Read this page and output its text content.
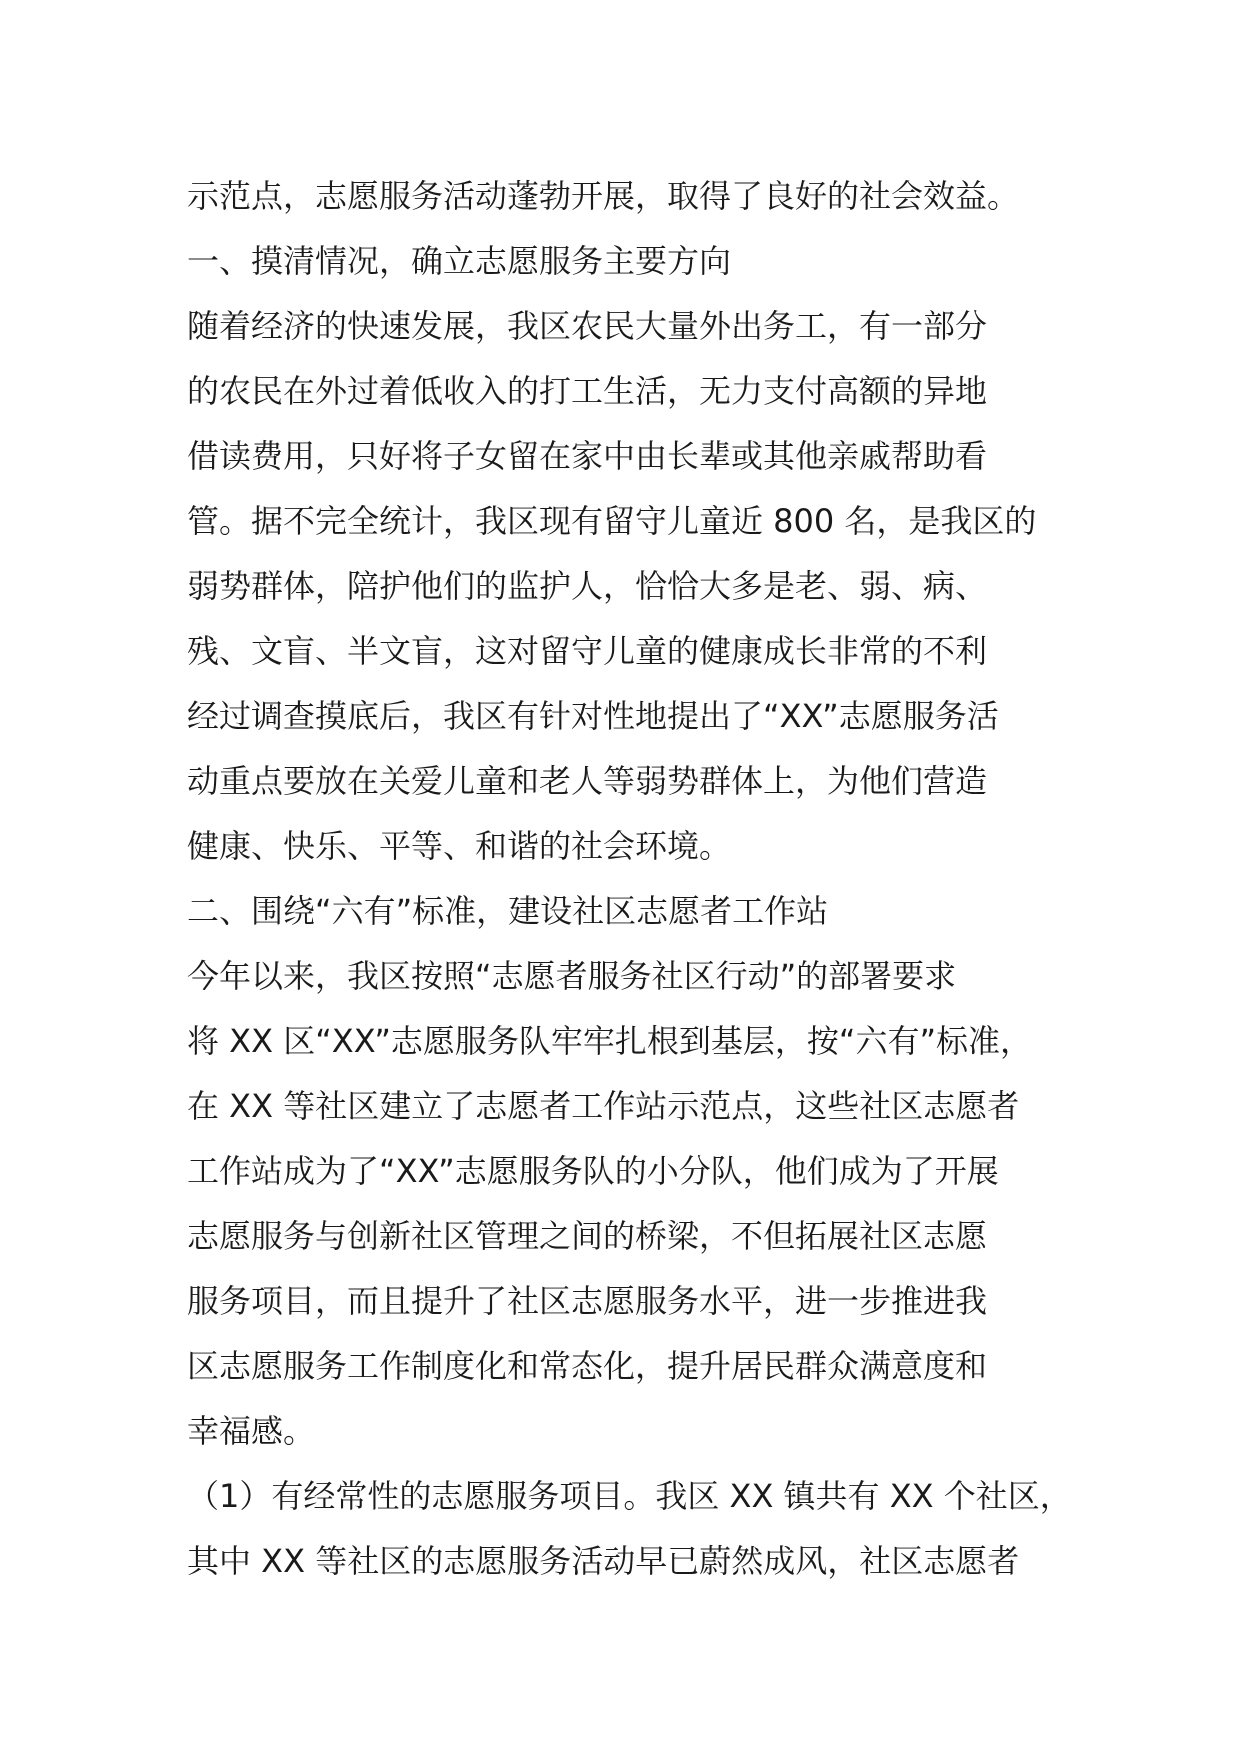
示范点，志愿服务活动蓬勃开展，取得了良好的社会效益。
一、摸清情况，确立志愿服务主要方向
随着经济的快速发展，我区农民大量外出务工，有一部分
的农民在外过着低收入的打工生活，无力支付高额的异地
借读费用，只好将子女留在家中由长辈或其他亲戚帮助看
管。据不完全统计，我区现有留守儿童近 800 名，是我区的
弱势群体，陪护他们的监护人，恰恰大多是老、弱、病、
残、文盲、半文盲，这对留守儿童的健康成长非常的不利
经过调查摸底后，我区有针对性地提出了“XX”志愿服务活
动重点要放在关爱儿童和老人等弱势群体上，为他们营造
健康、快乐、平等、和谐的社会环境。
二、围绕“六有”标准，建设社区志愿者工作站
今年以来，我区按照“志愿者服务社区行动”的部署要求
将 XX 区“XX”志愿服务队牢牢扎根到基层，按“六有”标准，
在 XX 等社区建立了志愿者工作站示范点，这些社区志愿者
工作站成为了“XX”志愿服务队的小分队，他们成为了开展
志愿服务与创新社区管理之间的桥梁，不但拓展社区志愿
服务项目，而且提升了社区志愿服务水平，进一步推进我
区志愿服务工作制度化和常态化，提升居民群众满意度和
幸福感。
（1）有经常性的志愿服务项目。我区 XX 镇共有 XX 个社区，
其中 XX 等社区的志愿服务活动早已蔚然成风，社区志愿者
